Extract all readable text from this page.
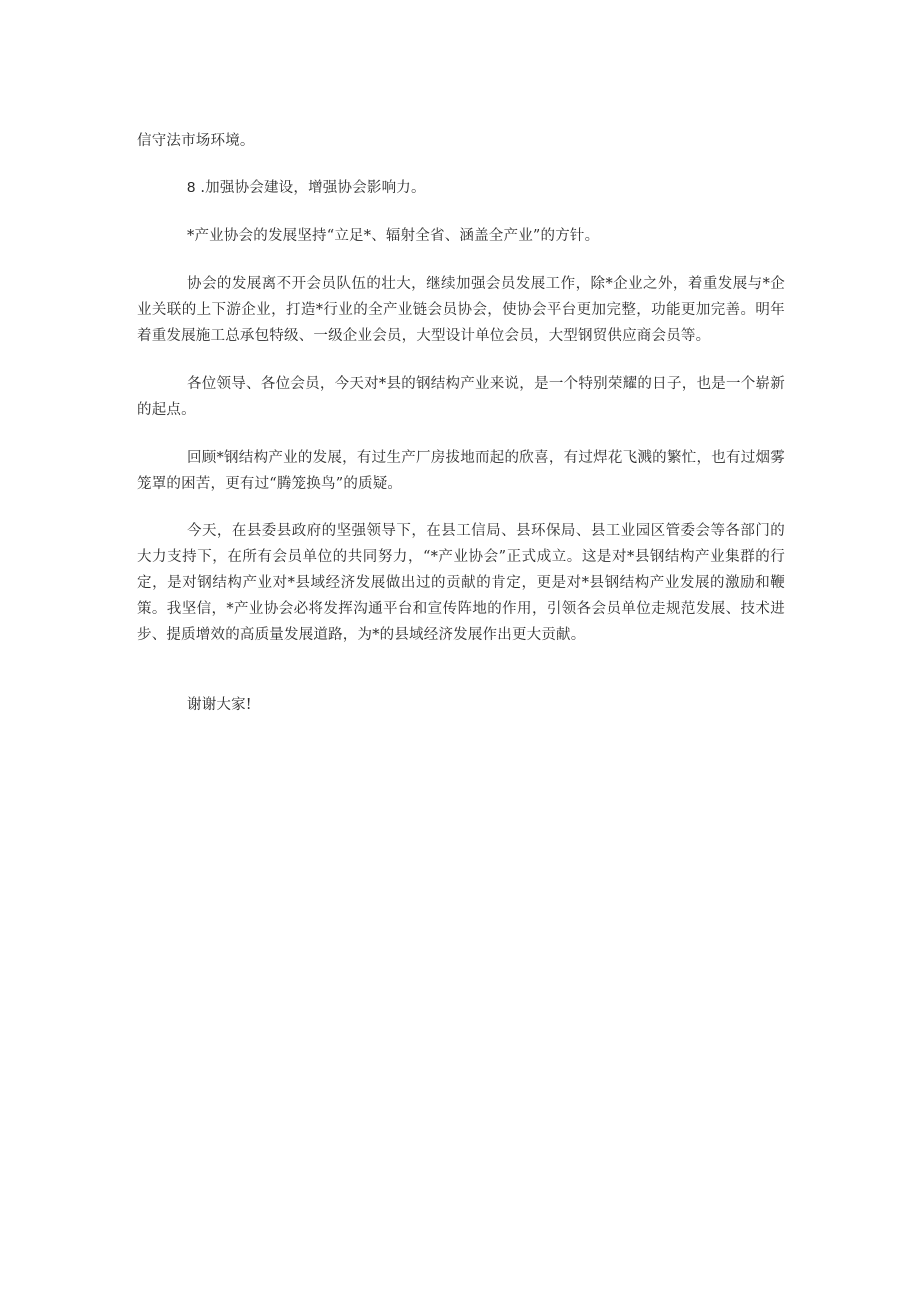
信守法市场环境。

8 .加强协会建设，增强协会影响力。

*产业协会的发展坚持“立足*、辐射全省、涵盖全产业”的方针。

协会的发展离不开会员队伍的壮大，继续加强会员发展工作，除*企业之外，着重发展与*企业关联的上下游企业，打造*行业的全产业链会员协会，使协会平台更加完整，功能更加完善。明年着重发展施工总承包特级、一级企业会员，大型设计单位会员，大型钢贸供应商会员等。

各位领导、各位会员，今天对*县的钢结构产业来说，是一个特别荣耀的日子，也是一个崭新的起点。

回顾*钢结构产业的发展，有过生产厂房拔地而起的欣喜，有过焊花飞溅的繁忙，也有过烟雾笼罩的困苦，更有过“腾笼换鸟”的质疑。

今天，在县委县政府的坚强领导下，在县工信局、县环保局、县工业园区管委会等各部门的大力支持下，在所有会员单位的共同努力，“*产业协会”正式成立。这是对*县钢结构产业集群的行定，是对钢结构产业对*县域经济发展做出过的贡献的肯定，更是对*县钢结构产业发展的激励和鞭策。我坚信，*产业协会必将发挥沟通平台和宣传阵地的作用，引领各会员单位走规范发展、技术进步、提质增效的高质量发展道路，为*的县域经济发展作出更大贡献。

谢谢大家!
